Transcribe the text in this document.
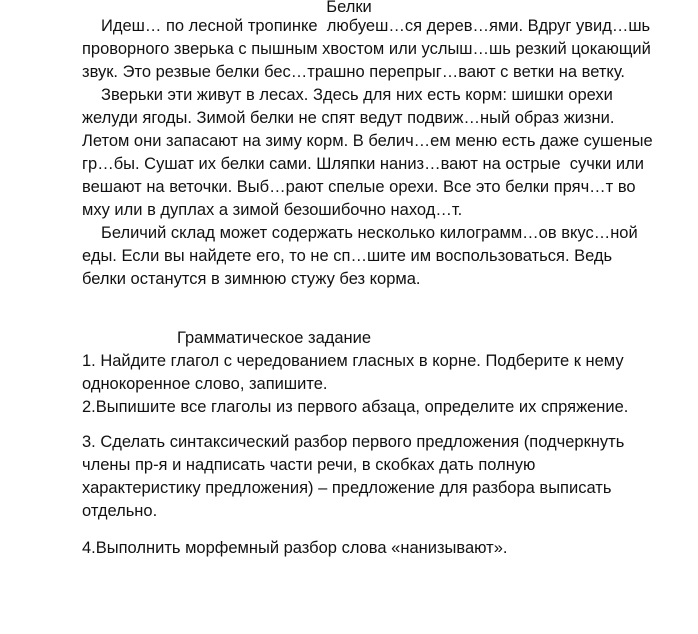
Белки
Идеш… по лесной тропинке  любуеш…ся дерев…ями. Вдруг увид…шь
проворного зверька с пышным хвостом или услыш…шь резкий цокающий
звук. Это резвые белки бес…трашно перепрыг…вают с ветки на ветку.
Зверьки эти живут в лесах. Здесь для них есть корм: шишки орехи
желуди ягоды. Зимой белки не спят ведут подвиж…ный образ жизни.
Летом они запасают на зиму корм. В белич…ем меню есть даже сушеные
гр…бы. Сушат их белки сами. Шляпки наниз…вают на острые  сучки или
вешают на веточки. Выб…рают спелые орехи. Все это белки пряч…т во
мху или в дуплах а зимой безошибочно наход…т.
Беличий склад может содержать несколько килограмм…ов вкус…ной
еды. Если вы найдете его, то не сп…шите им воспользоваться. Ведь
белки останутся в зимнюю стужу без корма.
Грамматическое задание
1. Найдите глагол с чередованием гласных в корне. Подберите к нему
однокоренное слово, запишите.
2.Выпишите все глаголы из первого абзаца, определите их спряжение.
3. Сделать синтаксический разбор первого предложения (подчеркнуть
члены пр-я и надписать части речи, в скобках дать полную
характеристику предложения) – предложение для разбора выписать
отдельно.
4.Выполнить морфемный разбор слова «нанизывают».
